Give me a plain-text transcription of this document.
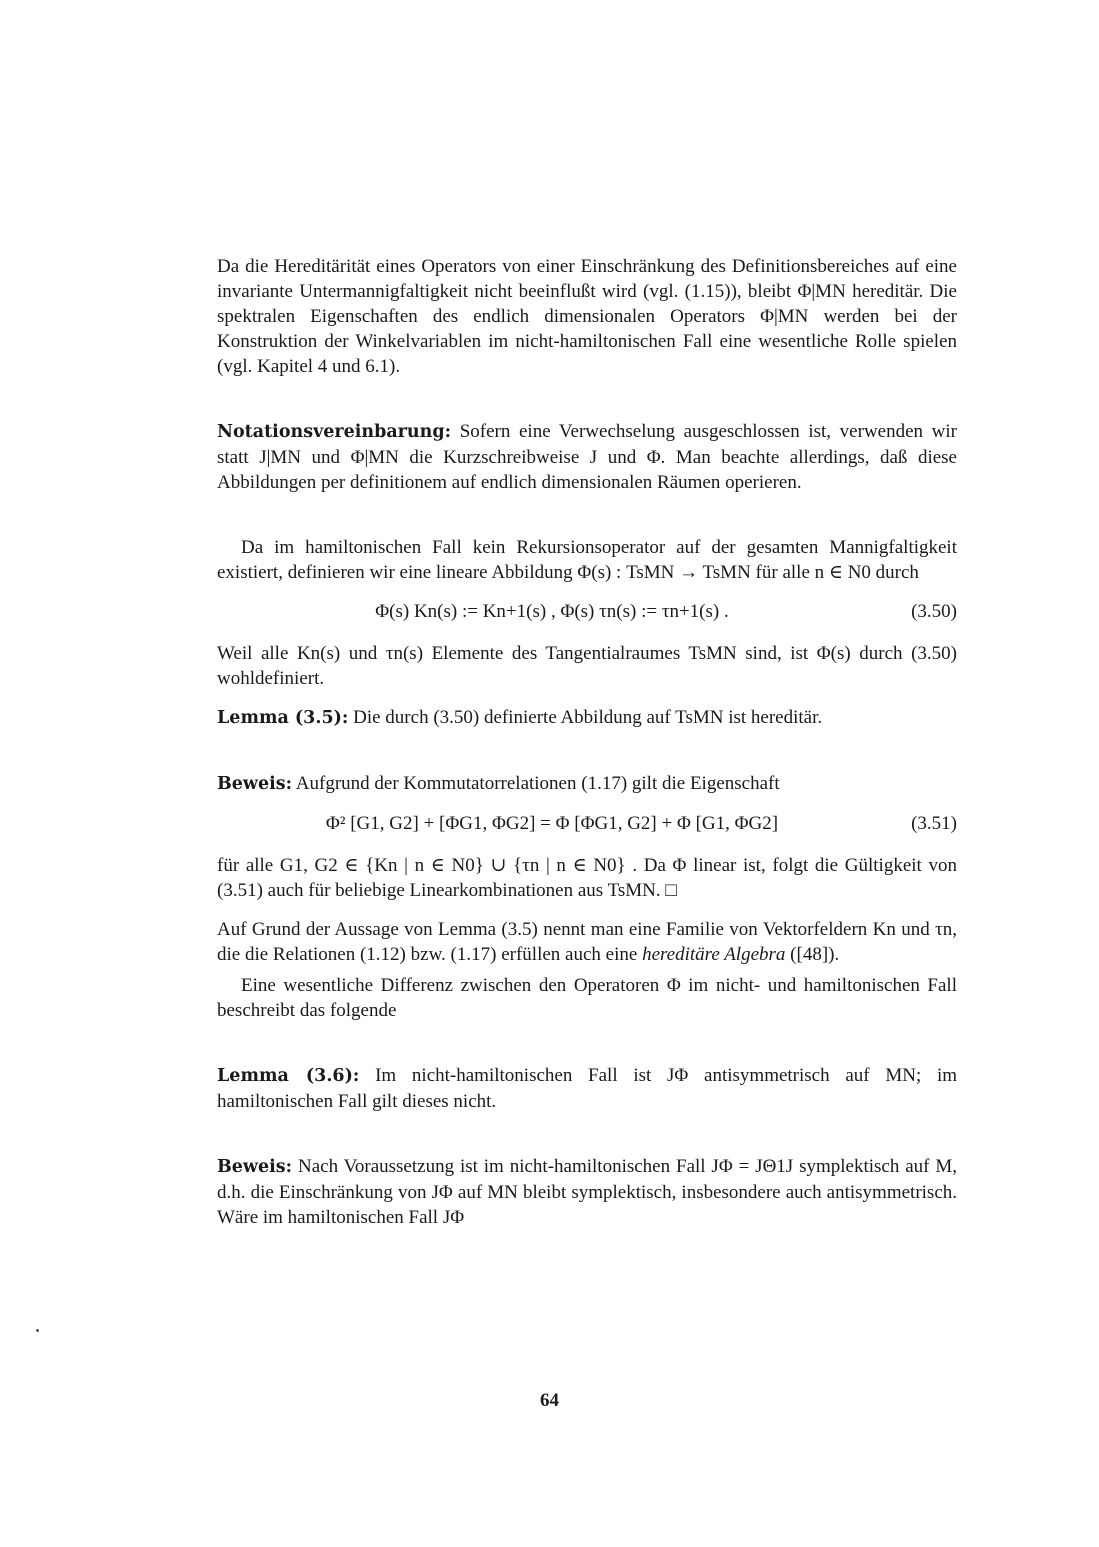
Da die Hereditärität eines Operators von einer Einschränkung des Definitionsbereiches auf eine invariante Untermannigfaltigkeit nicht beeinflußt wird (vgl. (1.15)), bleibt Φ|MN hereditär. Die spektralen Eigenschaften des endlich dimensionalen Operators Φ|MN werden bei der Konstruktion der Winkelvariablen im nicht-hamiltonischen Fall eine wesentliche Rolle spielen (vgl. Kapitel 4 und 6.1).

Notationsvereinbarung: Sofern eine Verwechselung ausgeschlossen ist, verwenden wir statt J|MN und Φ|MN die Kurzschreibweise J und Φ. Man beachte allerdings, daß diese Abbildungen per definitionem auf endlich dimensionalen Räumen operieren.

Da im hamiltonischen Fall kein Rekursionsoperator auf der gesamten Mannigfaltigkeit existiert, definieren wir eine lineare Abbildung Φ(s) : TsMN → TsMN für alle n ∈ N0 durch

Φ(s) Kn(s) := Kn+1(s) , Φ(s) τn(s) := τn+1(s) .	(3.50)

Weil alle Kn(s) und τn(s) Elemente des Tangentialraumes TsMN sind, ist Φ(s) durch (3.50) wohldefiniert.

Lemma (3.5): Die durch (3.50) definierte Abbildung auf TsMN ist hereditär.

Beweis: Aufgrund der Kommutatorrelationen (1.17) gilt die Eigenschaft

Φ² [G1, G2] + [ΦG1, ΦG2] = Φ [ΦG1, G2] + Φ [G1, ΦG2]	(3.51)

für alle G1, G2 ∈ {Kn | n ∈ N0} ∪ {τn | n ∈ N0} . Da Φ linear ist, folgt die Gültigkeit von (3.51) auch für beliebige Linearkombinationen aus TsMN. □

Auf Grund der Aussage von Lemma (3.5) nennt man eine Familie von Vektorfeldern Kn und τn, die die Relationen (1.12) bzw. (1.17) erfüllen auch eine hereditäre Algebra ([48]).

Eine wesentliche Differenz zwischen den Operatoren Φ im nicht- und hamiltonischen Fall beschreibt das folgende

Lemma (3.6): Im nicht-hamiltonischen Fall ist JΦ antisymmetrisch auf MN; im hamiltonischen Fall gilt dieses nicht.

Beweis: Nach Voraussetzung ist im nicht-hamiltonischen Fall JΦ = JΘ1J symplektisch auf M, d.h. die Einschränkung von JΦ auf MN bleibt symplektisch, insbesondere auch antisymmetrisch. Wäre im hamiltonischen Fall JΦ

64
